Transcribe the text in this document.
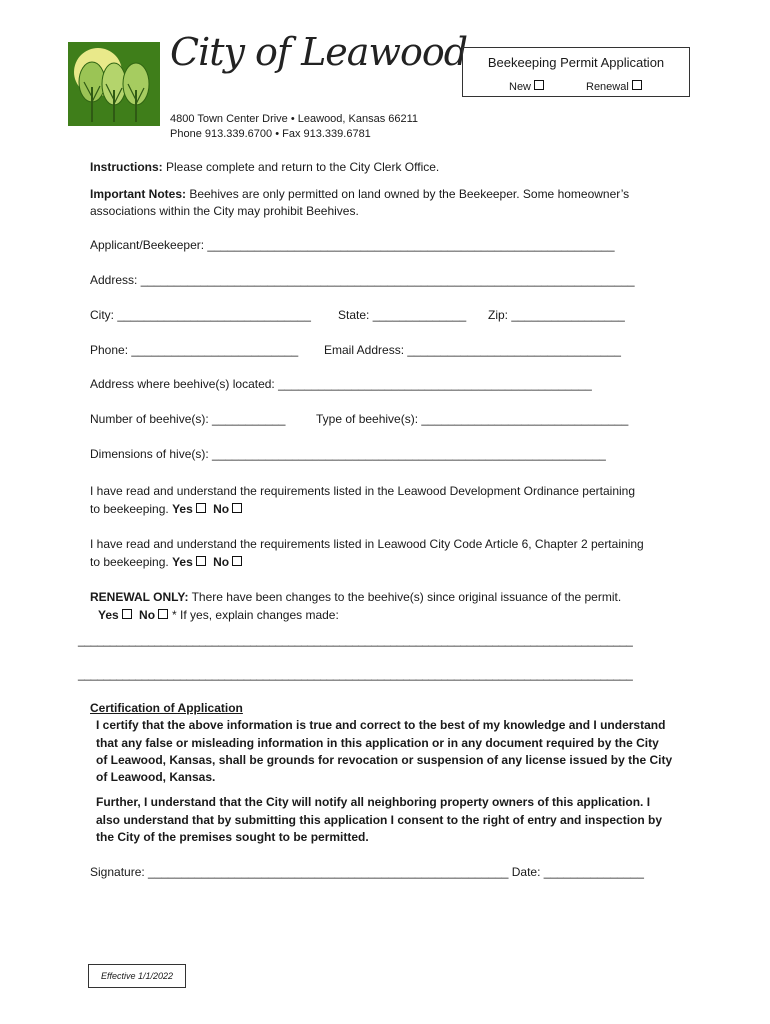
City of Leawood	Beekeeping Permit Application
New	Renewal
4800 Town Center Drive • Leawood, Kansas 66211
Phone 913.339.6700 • Fax 913.339.6781
Instructions: Please complete and return to the City Clerk Office.
Important Notes: Beehives are only permitted on land owned by the Beekeeper. Some homeowner’s
associations within the City may prohibit Beehives.
Applicant/Beekeeper: _____________________________________________________________
Address: __________________________________________________________________________
City: _____________________________ State: ______________ Zip: _________________
Phone: _________________________ Email Address: ________________________________
Address where beehive(s) located: _______________________________________________
Number of beehive(s): ___________	Type of beehive(s): _______________________________
Dimensions of hive(s): ___________________________________________________________
I have read and understand the requirements listed in the Leawood Development Ordinance pertaining
to beekeeping. Yes No
I have read and understand the requirements listed in Leawood City Code Article 6, Chapter 2 pertaining
to beekeeping. Yes No
RENEWAL ONLY: There have been changes to the beehive(s) since original issuance of the permit.
Yes No * If yes, explain changes made:
_______________________________________________________________________________________
_______________________________________________________________________________________
Certification of Application
I certify that the above information is true and correct to the best of my knowledge and I understand
that any false or misleading information in this application or in any document required by the City
of Leawood, Kansas, shall be grounds for revocation or suspension of any license issued by the City
of Leawood, Kansas.
Further, I understand that the City will notify all neighboring property owners of this application. I
also understand that by submitting this application I consent to the right of entry and inspection by
the City of the premises sought to be permitted.
Signature: ______________________________________________________ Date: _______________
Effective 1/1/2022
